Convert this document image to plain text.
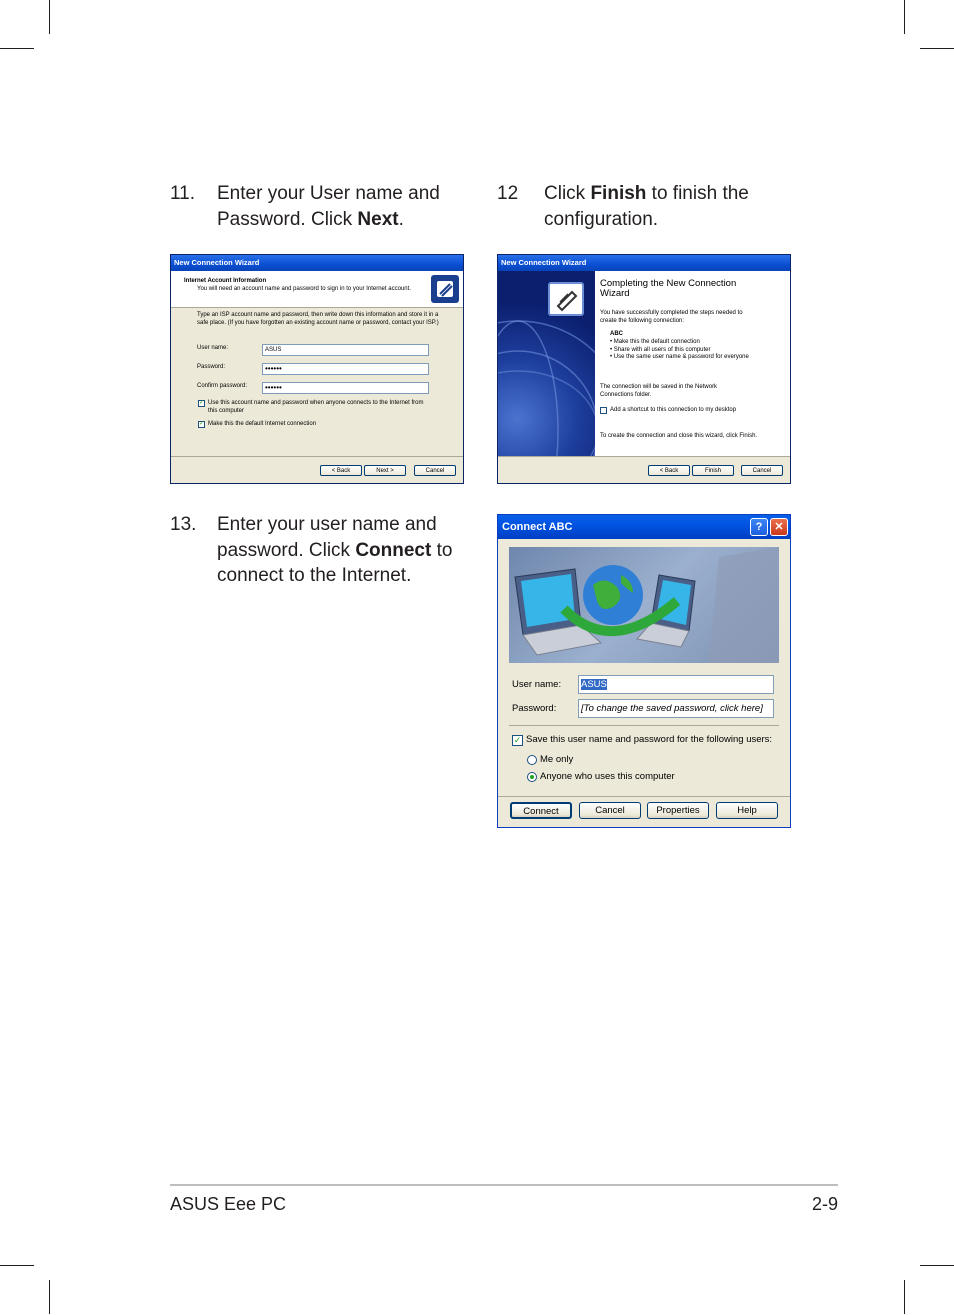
11. Enter your User name and
Password. Click Next.
12 Click Finish to finish the
configuration.
13. Enter your user name and
password. Click Connect to
connect to the Internet.
New Connection Wizard
Internet Account Information
You will need an account name and password to sign in to your Internet account.
Type an ISP account name and password, then write down this information and store it in a
safe place. (If you have forgotten an existing account name or password, contact your ISP.)
User name:	ASUS
Password:	••••••
Confirm password:	••••••
✓ Use this account name and password when anyone connects to the Internet from
this computer
✓ Make this the default Internet connection
< Back	Next >	Cancel
New Connection Wizard
Completing the New Connection
Wizard
You have successfully completed the steps needed to
create the following connection:
ABC
• Make this the default connection
• Share with all users of this computer
• Use the same user name & password for everyone
The connection will be saved in the Network
Connections folder.
Add a shortcut to this connection to my desktop
To create the connection and close this wizard, click Finish.
< Back	Finish	Cancel
Connect ABC	?	✕
User name:	ASUS
Password:	[To change the saved password, click here]
✓ Save this user name and password for the following users:
Me only
Anyone who uses this computer
Connect	Cancel	Properties	Help
ASUS Eee PC	2-9
